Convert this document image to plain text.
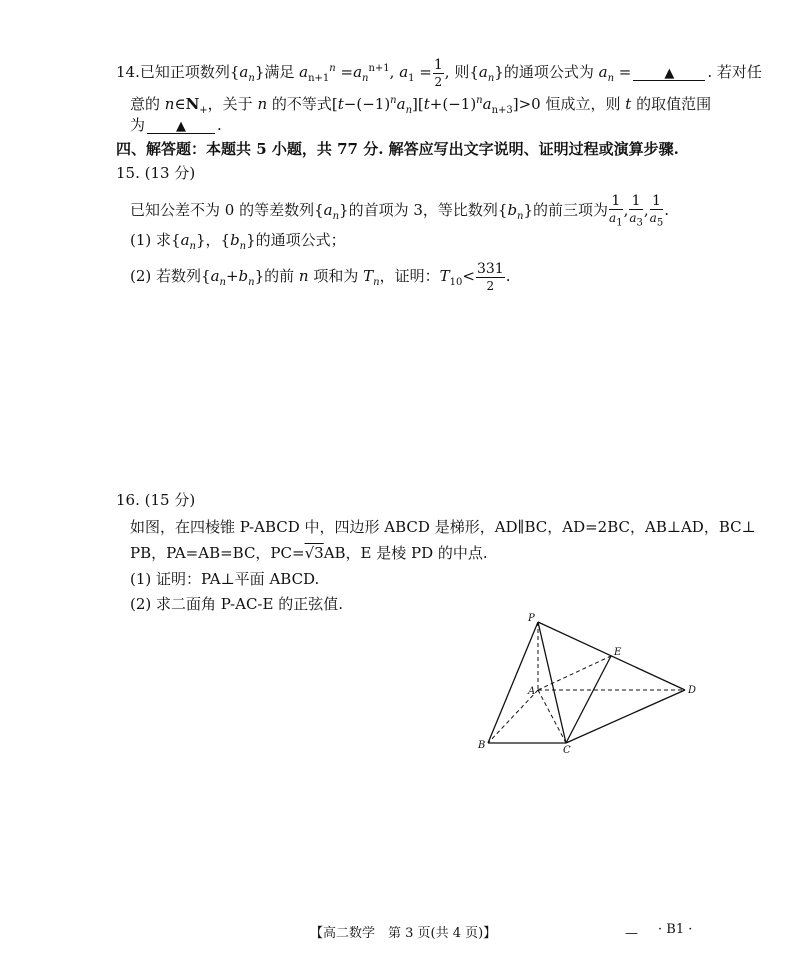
14.已知正项数列$\{a_n\}$满足 $a_{n+1}^n =a_n^{n+1}$, $a_1 = \frac{1}{2}$ , 则$\{a_n\}$的通项公式为 $a_n$ =	▲ . 若对任
意的 $n\in N_+$，关于 n 的不等式$[t-(-1)^na_n][t+(-1)^na_{n+3}]>0$ 恒成立，则 t 的取值范围
为 ▲ .
四、解答题：本题共 5 小题，共 77 分. 解答应写出文字说明、证明过程或演算步骤.
15. (13 分)
已知公差不为 0 的等差数列$\{a_n\}$的首项为 3，等比数列$\{b_n\}$的前三项为 $\frac{1}{a_1}$ , $\frac{1}{a_3}$ , $\frac{1}{a_5}$ .
(1) 求$\{a_n\}$，$\{b_n\}$的通项公式；
(2) 若数列$\{a_n+b_n\}$的前 n 项和为 $T_n$，证明：$T_{10}< \frac{331}{2}$ .
16. (15 分)
如图，在四棱锥 P-ABCD 中，四边形 ABCD 是梯形，AD∥BC，AD=2BC，AB⊥AD，BC⊥
PB，PA=AB=BC，PC=√3AB，E 是棱 PD 的中点.
(1) 证明：PA⊥平面 ABCD.
(2) 求二面角 P-AC-E 的正弦值.
P
E
A	D
B	C
【高二数学　第 3 页(共 4 页)】	— · B1 ·
